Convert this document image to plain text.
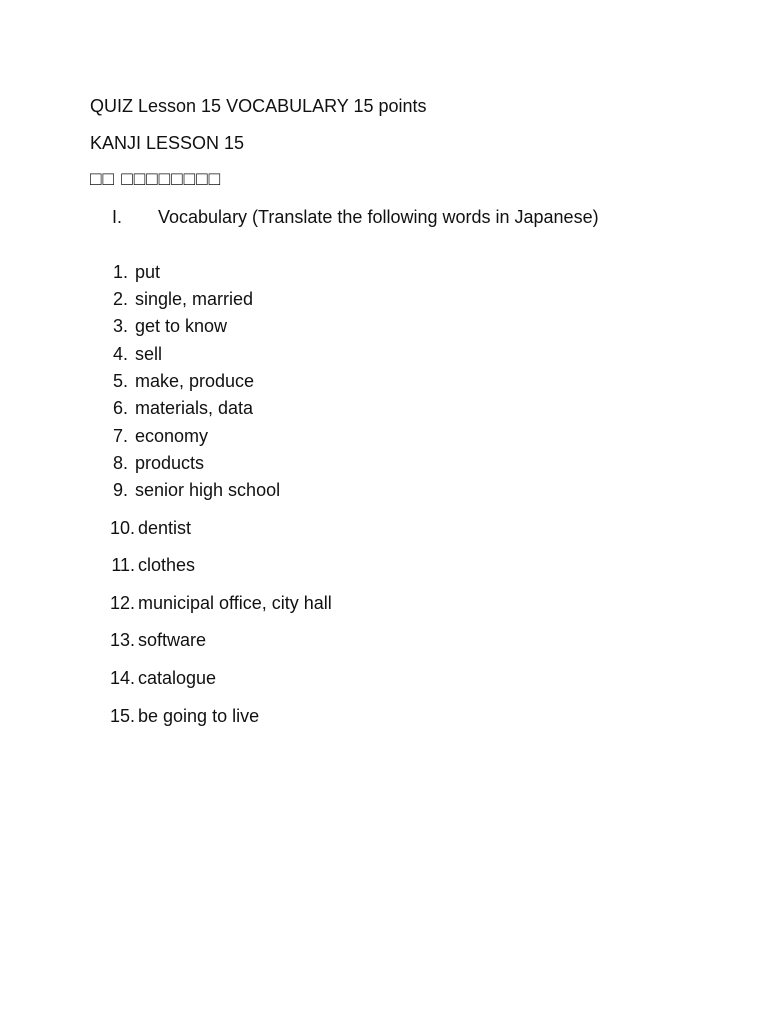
QUIZ Lesson 15 VOCABULARY 15 points
KANJI LESSON 15
□□ □□□□□□□□
I. Vocabulary (Translate the following words in Japanese)
1. put
2. single, married
3. get to know
4. sell
5. make, produce
6. materials, data
7. economy
8. products
9. senior high school
10. dentist
11. clothes
12. municipal office, city hall
13. software
14. catalogue
15. be going to live
